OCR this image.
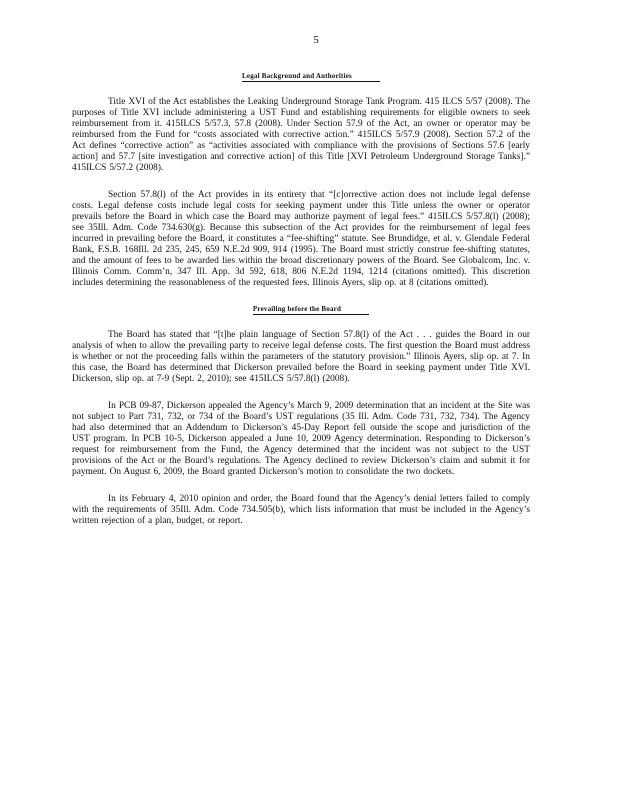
5
Legal Background and Authorities

Title XVI of the Act establishes the Leaking Underground Storage Tank Program. 415 ILCS 5/57 (2008). The purposes of Title XVI include administering a UST Fund and establishing requirements for eligible owners to seek reimbursement from it. 415ILCS 5/57.3, 57.8 (2008). Under Section 57.9 of the Act, an owner or operator may be reimbursed from the Fund for “costs associated with corrective action.” 415ILCS 5/57.9 (2008). Section 57.2 of the Act defines “corrective action” as “activities associated with compliance with the provisions of Sections 57.6 [early action] and 57.7 [site investigation and corrective action] of this Title [XVI Petroleum Underground Storage Tanks].” 415ILCS 5/57.2 (2008).

Section 57.8(l) of the Act provides in its entirety that “[c]orrective action does not include legal defense costs. Legal defense costs include legal costs for seeking payment under this Title unless the owner or operator prevails before the Board in which case the Board may authorize payment of legal fees.” 415ILCS 5/57.8(l) (2008); see 35Ill. Adm. Code 734.630(g). Because this subsection of the Act provides for the reimbursement of legal fees incurred in prevailing before the Board, it constitutes a “fee-shifting” statute. See Brundidge, et al. v. Glendale Federal Bank, F.S.B. 168Ill. 2d 235, 245, 659 N.E.2d 909, 914 (1995). The Board must strictly construe fee-shifting statutes, and the amount of fees to be awarded lies within the broad discretionary powers of the Board. See Globalcom, Inc. v. Illinois Comm. Comm’n, 347 Ill. App. 3d 592, 618, 806 N.E.2d 1194, 1214 (citations omitted). This discretion includes determining the reasonableness of the requested fees. Illinois Ayers, slip op. at 8 (citations omitted).

Prevailing before the Board

The Board has stated that “[t]he plain language of Section 57.8(l) of the Act . . . guides the Board in our analysis of when to allow the prevailing party to receive legal defense costs. The first question the Board must address is whether or not the proceeding falls within the parameters of the statutory provision.” Illinois Ayers, slip op. at 7. In this case, the Board has determined that Dickerson prevailed before the Board in seeking payment under Title XVI. Dickerson, slip op. at 7-9 (Sept. 2, 2010); see 415ILCS 5/57.8(l) (2008).

In PCB 09-87, Dickerson appealed the Agency’s March 9, 2009 determination that an incident at the Site was not subject to Part 731, 732, or 734 of the Board’s UST regulations (35 Ill. Adm. Code 731, 732, 734). The Agency had also determined that an Addendum to Dickerson’s 45-Day Report fell outside the scope and jurisdiction of the UST program. In PCB 10-5, Dickerson appealed a June 10, 2009 Agency determination. Responding to Dickerson’s request for reimbursement from the Fund, the Agency determined that the incident was not subject to the UST provisions of the Act or the Board’s regulations. The Agency declined to review Dickerson’s claim and submit it for payment. On August 6, 2009, the Board granted Dickerson’s motion to consolidate the two dockets.

In its February 4, 2010 opinion and order, the Board found that the Agency’s denial letters failed to comply with the requirements of 35Ill. Adm. Code 734.505(b), which lists information that must be included in the Agency’s written rejection of a plan, budget, or report.
